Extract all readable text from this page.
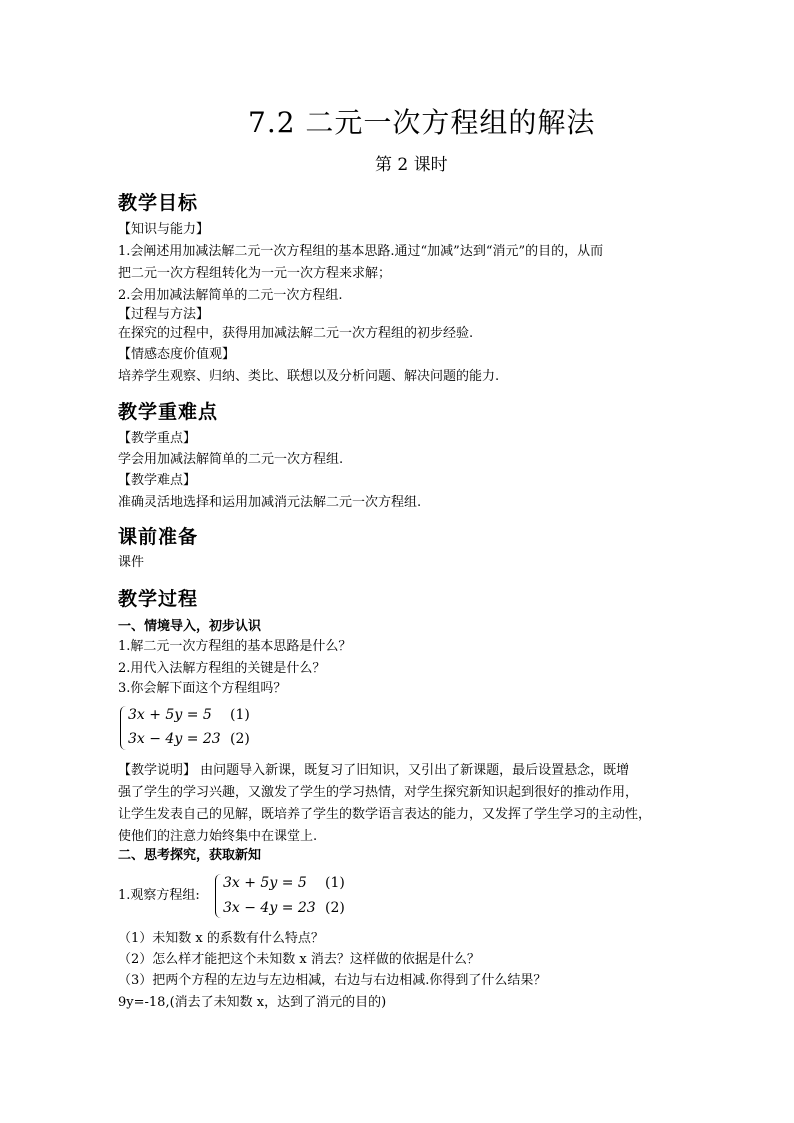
7.2 二元一次方程组的解法
第 2 课时
教学目标
【知识与能力】
1.会阐述用加减法解二元一次方程组的基本思路.通过“加减”达到“消元”的目的，从而
把二元一次方程组转化为一元一次方程来求解；
2.会用加减法解简单的二元一次方程组.
【过程与方法】
在探究的过程中，获得用加减法解二元一次方程组的初步经验.
【情感态度价值观】
培养学生观察、归纳、类比、联想以及分析问题、解决问题的能力.
教学重难点
【教学重点】
学会用加减法解简单的二元一次方程组.
【教学难点】
准确灵活地选择和运用加减消元法解二元一次方程组.
课前准备
课件
教学过程
一、情境导入，初步认识
1.解二元一次方程组的基本思路是什么？
2.用代入法解方程组的关键是什么？
3.你会解下面这个方程组吗？
3x + 5y = 5 (1)
3x − 4y = 23 (2)
【教学说明】 由问题导入新课，既复习了旧知识，又引出了新课题，最后设置悬念，既增
强了学生的学习兴趣，又激发了学生的学习热情，对学生探究新知识起到很好的推动作用，
让学生发表自己的见解，既培养了学生的数学语言表达的能力，又发挥了学生学习的主动性，
使他们的注意力始终集中在课堂上.
二、思考探究，获取新知
1.观察方程组:
3x + 5y = 5 (1)
3x − 4y = 23 (2)
（1）未知数 x 的系数有什么特点？
（2）怎么样才能把这个未知数 x 消去？这样做的依据是什么？
（3）把两个方程的左边与左边相减，右边与右边相减.你得到了什么结果？
9y=-18,(消去了未知数 x，达到了消元的目的)
